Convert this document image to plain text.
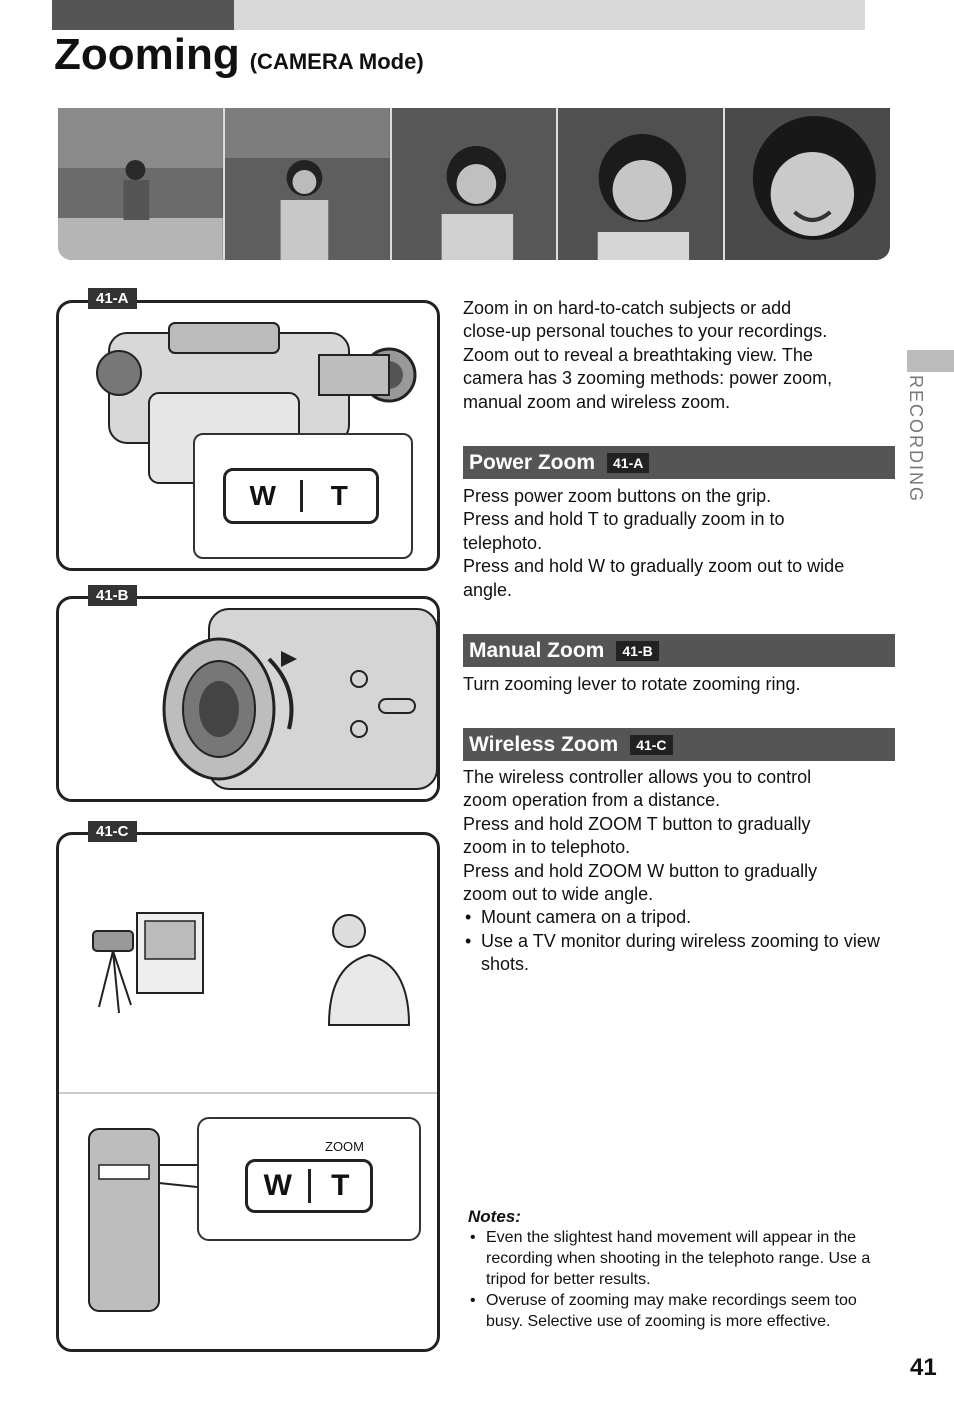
Zooming (CAMERA Mode)
W	T
41-A
41-B
ZOOM
W	T
41-C

Zoom in on hard-to-catch subjects or add

close-up personal touches to your recordings.

Zoom out to reveal a breathtaking view. The

camera has 3 zooming methods: power zoom,

manual zoom and wireless zoom.

Power Zoom	41-A

Press power zoom buttons on the grip.

Press and hold T to gradually zoom in to

telephoto.

Press and hold W to gradually zoom out to wide

angle.

Manual Zoom	41-B

Turn zooming lever to rotate zooming ring.

Wireless Zoom	41-C

The wireless controller allows you to control

zoom operation from a distance.

Press and hold ZOOM T button to gradually

zoom in to telephoto.

Press and hold ZOOM W button to gradually

zoom out to wide angle.

• Mount camera on a tripod.

• Use a TV monitor during wireless zooming to view shots.

Notes:
• Even the slightest hand movement will appear in the recording when shooting in the telephoto range. Use a tripod for better results.
• Overuse of zooming may make recordings seem too busy. Selective use of zooming is more effective.
RECORDING
41
